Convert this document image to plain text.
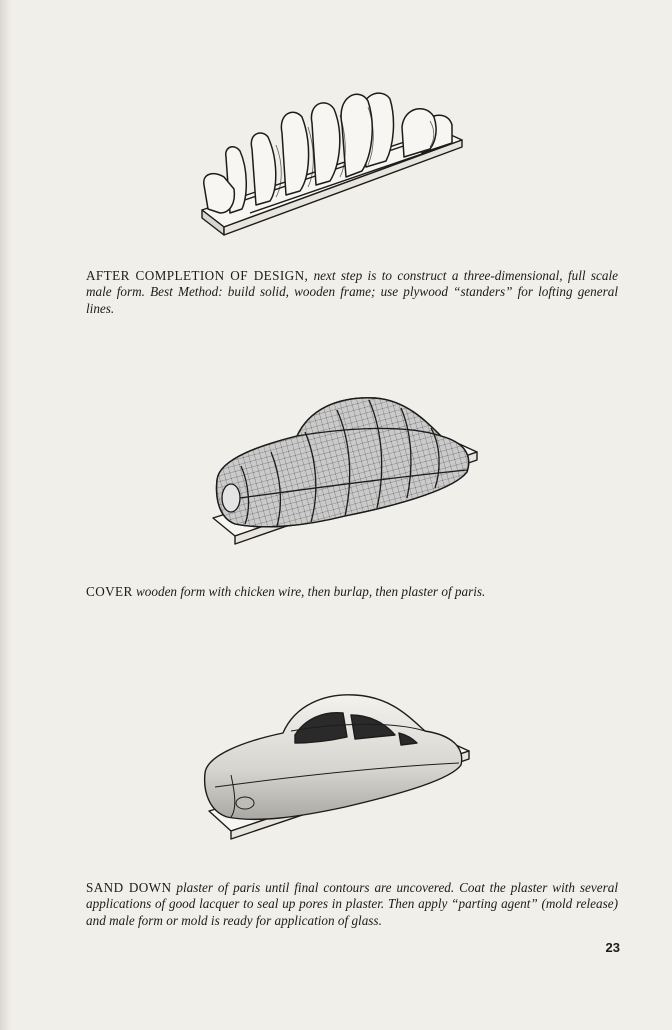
AFTER COMPLETION OF DESIGN, next step is to construct a three-dimensional, full scale male form. Best Method: build solid, wooden frame; use plywood “standers” for lofting general lines.

COVER wooden form with chicken wire, then burlap, then plaster of paris.

SAND DOWN plaster of paris until final contours are uncovered. Coat the plaster with several applications of good lacquer to seal up pores in plaster. Then apply “parting agent” (mold release) and male form or mold is ready for application of glass.

23
